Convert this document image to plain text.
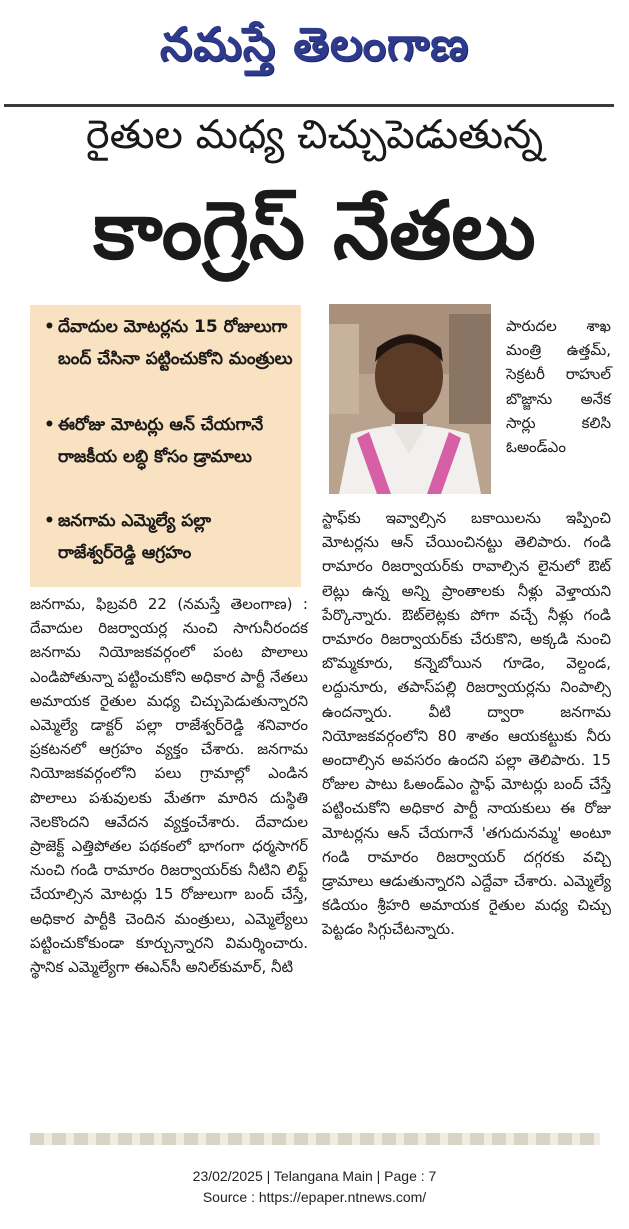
నమస్తే తెలంగాణ
రైతుల మధ్య చిచ్చుపెడుతున్న
కాంగ్రెస్ నేతలు
• దేవాదుల మోటర్లను 15 రోజులుగా బంద్ చేసినా పట్టించుకోని మంత్రులు
• ఈరోజు మోటర్లు ఆన్ చేయగానే రాజకీయ లబ్ధి కోసం డ్రామాలు
• జనగామ ఎమ్మెల్యే పల్లా రాజేశ్వర్‌రెడ్డి ఆగ్రహం
పారుదల శాఖ మంత్రి ఉత్తమ్, సెక్రటరీ రాహుల్ బొజ్జాను అనేక సార్లు కలిసి ఓఅండ్‌ఎం
జనగామ, ఫిబ్రవరి 22 (నమస్తే తెలంగాణ) : దేవాదుల రిజర్వాయర్ల నుంచి సాగునీరందక జనగామ నియోజకవర్గంలో పంట పొలాలు ఎండిపోతున్నా పట్టించుకోని అధికార పార్టీ నేతలు అమాయక రైతుల మధ్య చిచ్చుపెడుతున్నారని ఎమ్మెల్యే డాక్టర్ పల్లా రాజేశ్వర్‌రెడ్డి శనివారం ప్రకటనలో ఆగ్రహం వ్యక్తం చేశారు. జనగామ నియోజకవర్గంలోని పలు గ్రామాల్లో ఎండిన పొలాలు పశువులకు మేతగా మారిన దుస్థితి నెలకొందని ఆవేదన వ్యక్తంచేశారు. దేవాదుల ప్రాజెక్ట్ ఎత్తిపోతల పథకంలో భాగంగా ధర్మసాగర్ నుంచి గండి రామారం రిజర్వాయర్‌కు నీటిని లిఫ్ట్ చేయాల్సిన మోటర్లు 15 రోజులుగా బంద్ చేస్తే, అధికార పార్టీకి చెందిన మంత్రులు, ఎమ్మెల్యేలు పట్టించుకోకుండా కూర్చున్నారని విమర్శించారు. స్థానిక ఎమ్మెల్యేగా ఈఎన్‌సీ అనిల్‌కుమార్, నీటి
స్టాఫ్‌కు ఇవ్వాల్సిన బకాయిలను ఇప్పించి మోటర్లను ఆన్ చేయించినట్టు తెలిపారు. గండి రామారం రిజర్వాయర్‌కు రావాల్సిన లైనులో ఔట్ లెట్లు ఉన్న అన్ని ప్రాంతాలకు నీళ్లు వెళ్తాయని పేర్కొన్నారు. ఔట్‌లెట్లకు పోగా వచ్చే నీళ్లు గండి రామారం రిజర్వాయర్‌కు చేరుకొని, అక్కడి నుంచి బొమ్మకూరు, కన్నెబోయిన గూడెం, వెల్దండ, లద్దునూరు, తపాస్‌పల్లి రిజర్వాయర్లను నింపాల్సి ఉందన్నారు. వీటి ద్వారా జనగామ నియోజకవర్గంలోని 80 శాతం ఆయకట్టుకు నీరు అందాల్సిన అవసరం ఉందని పల్లా తెలిపారు. 15 రోజుల పాటు ఓఅండ్‌ఎం స్టాఫ్ మోటర్లు బంద్ చేస్తే పట్టించుకోని అధికార పార్టీ నాయకులు ఈ రోజు మోటర్లను ఆన్ చేయగానే 'తగుదునమ్మ' అంటూ గండి రామారం రిజర్వాయర్ దగ్గరకు వచ్చి డ్రామాలు ఆడుతున్నారని ఎద్దేవా చేశారు. ఎమ్మెల్యే కడియం శ్రీహరి అమాయక రైతుల మధ్య చిచ్చు పెట్టడం సిగ్గుచేటన్నారు.
23/02/2025 | Telangana Main | Page : 7
Source : https://epaper.ntnews.com/
